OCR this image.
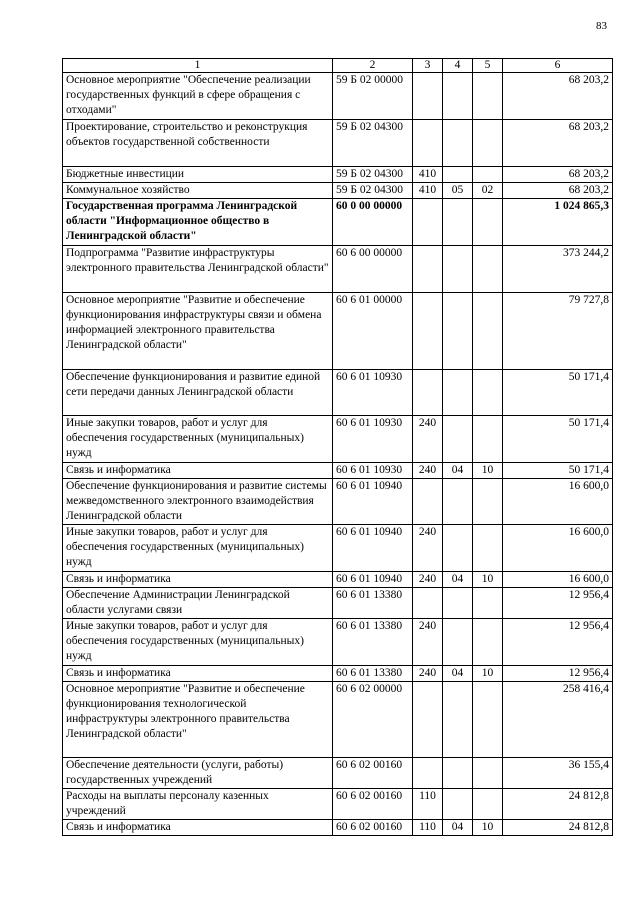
83
1	2	3	4	5	6
Основное мероприятие "Обеспечение реализации государственных функций в сфере обращения с отходами"	59 Б 02 00000				68 203,2
Проектирование, строительство и реконструкция объектов государственной собственности	59 Б 02 04300				68 203,2
Бюджетные инвестиции	59 Б 02 04300	410			68 203,2
Коммунальное хозяйство	59 Б 02 04300	410	05	02	68 203,2
Государственная программа Ленинградской области "Информационное общество в Ленинградской области"	60 0 00 00000				1 024 865,3
Подпрограмма "Развитие инфраструктуры электронного правительства Ленинградской области"	60 6 00 00000				373 244,2
Основное мероприятие "Развитие и обеспечение функционирования инфраструктуры связи и обмена информацией электронного правительства Ленинградской области"	60 6 01 00000				79 727,8
Обеспечение функционирования и развитие единой сети передачи данных Ленинградской области	60 6 01 10930				50 171,4
Иные закупки товаров, работ и услуг для обеспечения государственных (муниципальных) нужд	60 6 01 10930	240			50 171,4
Связь и информатика	60 6 01 10930	240	04	10	50 171,4
Обеспечение функционирования и развитие системы межведомственного электронного взаимодействия Ленинградской области	60 6 01 10940				16 600,0
Иные закупки товаров, работ и услуг для обеспечения государственных (муниципальных) нужд	60 6 01 10940	240			16 600,0
Связь и информатика	60 6 01 10940	240	04	10	16 600,0
Обеспечение Администрации Ленинградской области услугами связи	60 6 01 13380				12 956,4
Иные закупки товаров, работ и услуг для обеспечения государственных (муниципальных) нужд	60 6 01 13380	240			12 956,4
Связь и информатика	60 6 01 13380	240	04	10	12 956,4
Основное мероприятие "Развитие и обеспечение функционирования технологической инфраструктуры электронного правительства Ленинградской области"	60 6 02 00000				258 416,4
Обеспечение деятельности (услуги, работы) государственных учреждений	60 6 02 00160				36 155,4
Расходы на выплаты персоналу казенных учреждений	60 6 02 00160	110			24 812,8
Связь и информатика	60 6 02 00160	110	04	10	24 812,8
